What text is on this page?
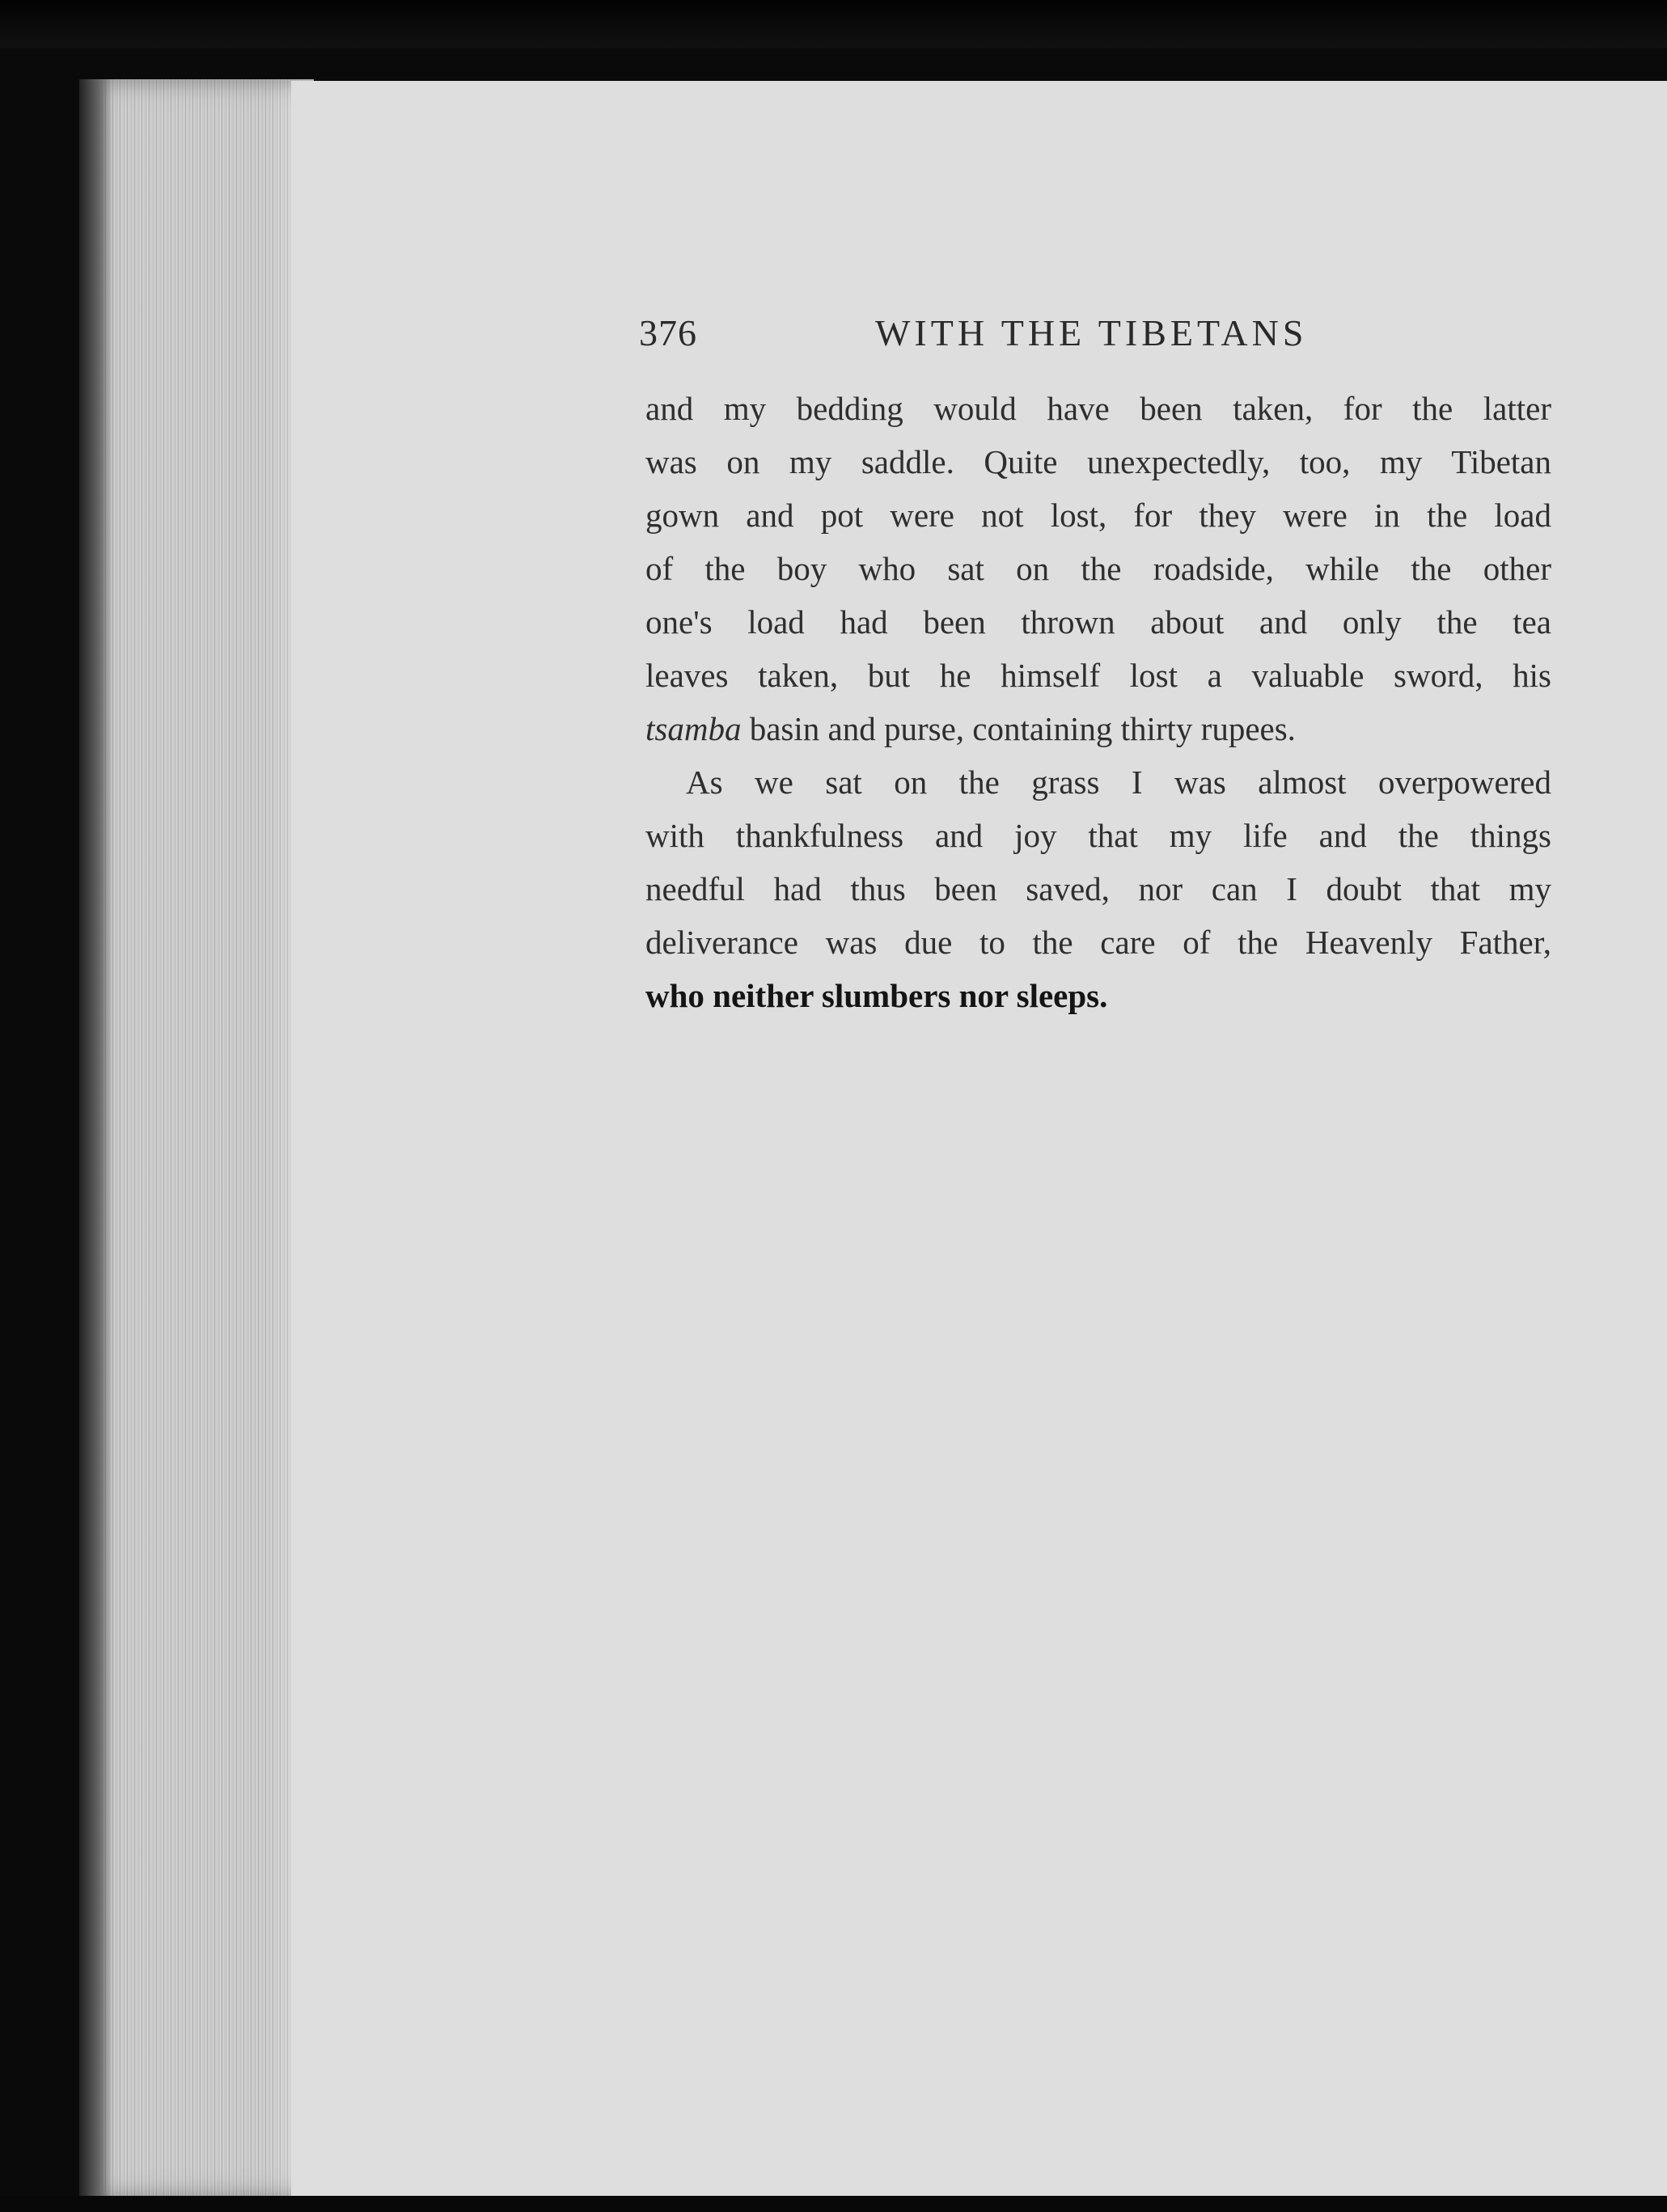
376	WITH THE TIBETANS
and my bedding would have been taken, for the latter
was on my saddle. Quite unexpectedly, too, my Tibetan
gown and pot were not lost, for they were in the load
of the boy who sat on the roadside, while the other
one's load had been thrown about and only the tea
leaves taken, but he himself lost a valuable sword, his
tsamba basin and purse, containing thirty rupees.
As we sat on the grass I was almost overpowered
with thankfulness and joy that my life and the things
needful had thus been saved, nor can I doubt that my
deliverance was due to the care of the Heavenly Father,
who neither slumbers nor sleeps.
